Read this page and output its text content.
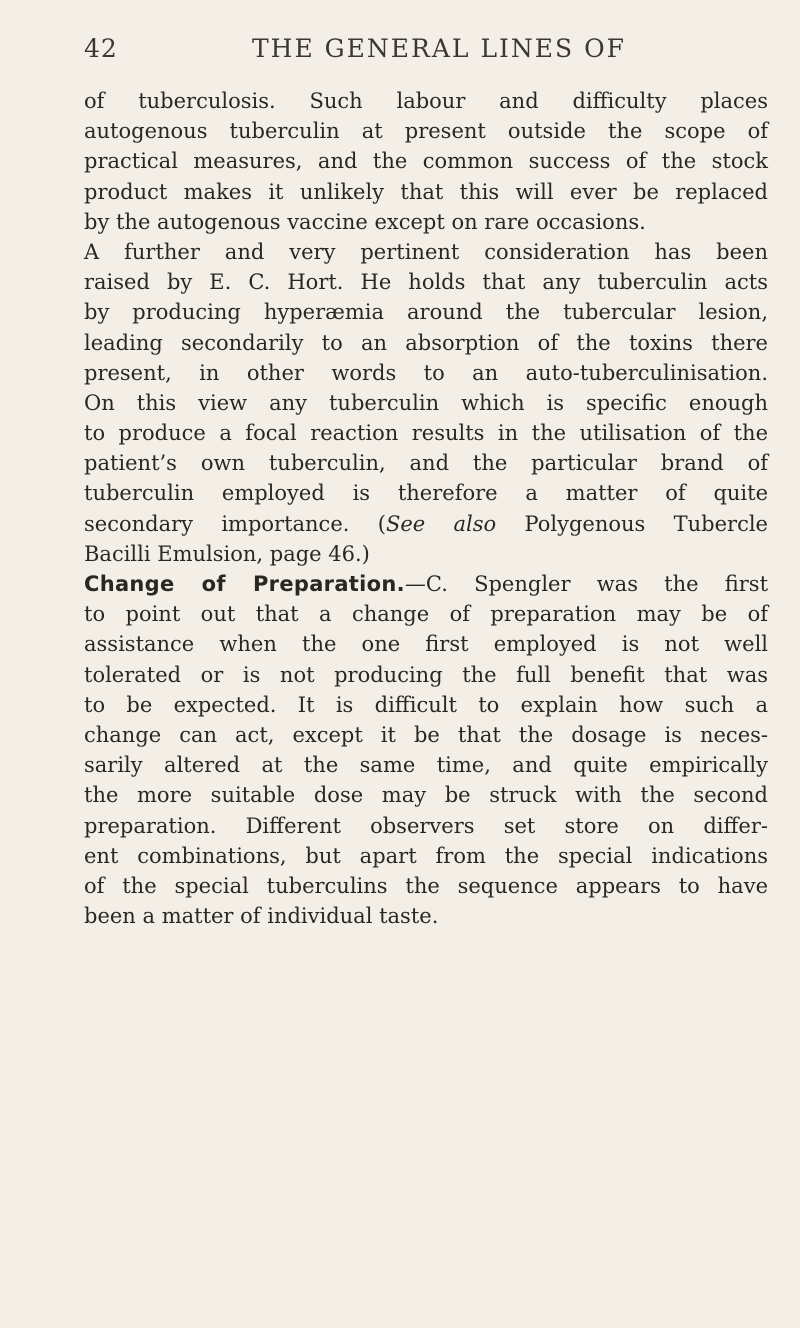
42	THE GENERAL LINES OF
of tuberculosis. Such labour and difficulty places
autogenous tuberculin at present outside the scope of
practical measures, and the common success of the stock
product makes it unlikely that this will ever be replaced
by the autogenous vaccine except on rare occasions.
A further and very pertinent consideration has been
raised by E. C. Hort. He holds that any tuberculin acts
by producing hyperæmia around the tubercular lesion,
leading secondarily to an absorption of the toxins there
present, in other words to an auto-tuberculinisation.
On this view any tuberculin which is specific enough
to produce a focal reaction results in the utilisation of the
patient’s own tuberculin, and the particular brand of
tuberculin employed is therefore a matter of quite
secondary importance. (See also Polygenous Tubercle
Bacilli Emulsion, page 46.)
Change of Preparation.—C. Spengler was the first
to point out that a change of preparation may be of
assistance when the one first employed is not well
tolerated or is not producing the full benefit that was
to be expected. It is difficult to explain how such a
change can act, except it be that the dosage is neces-
sarily altered at the same time, and quite empirically
the more suitable dose may be struck with the second
preparation. Different observers set store on differ-
ent combinations, but apart from the special indications
of the special tuberculins the sequence appears to have
been a matter of individual taste.
